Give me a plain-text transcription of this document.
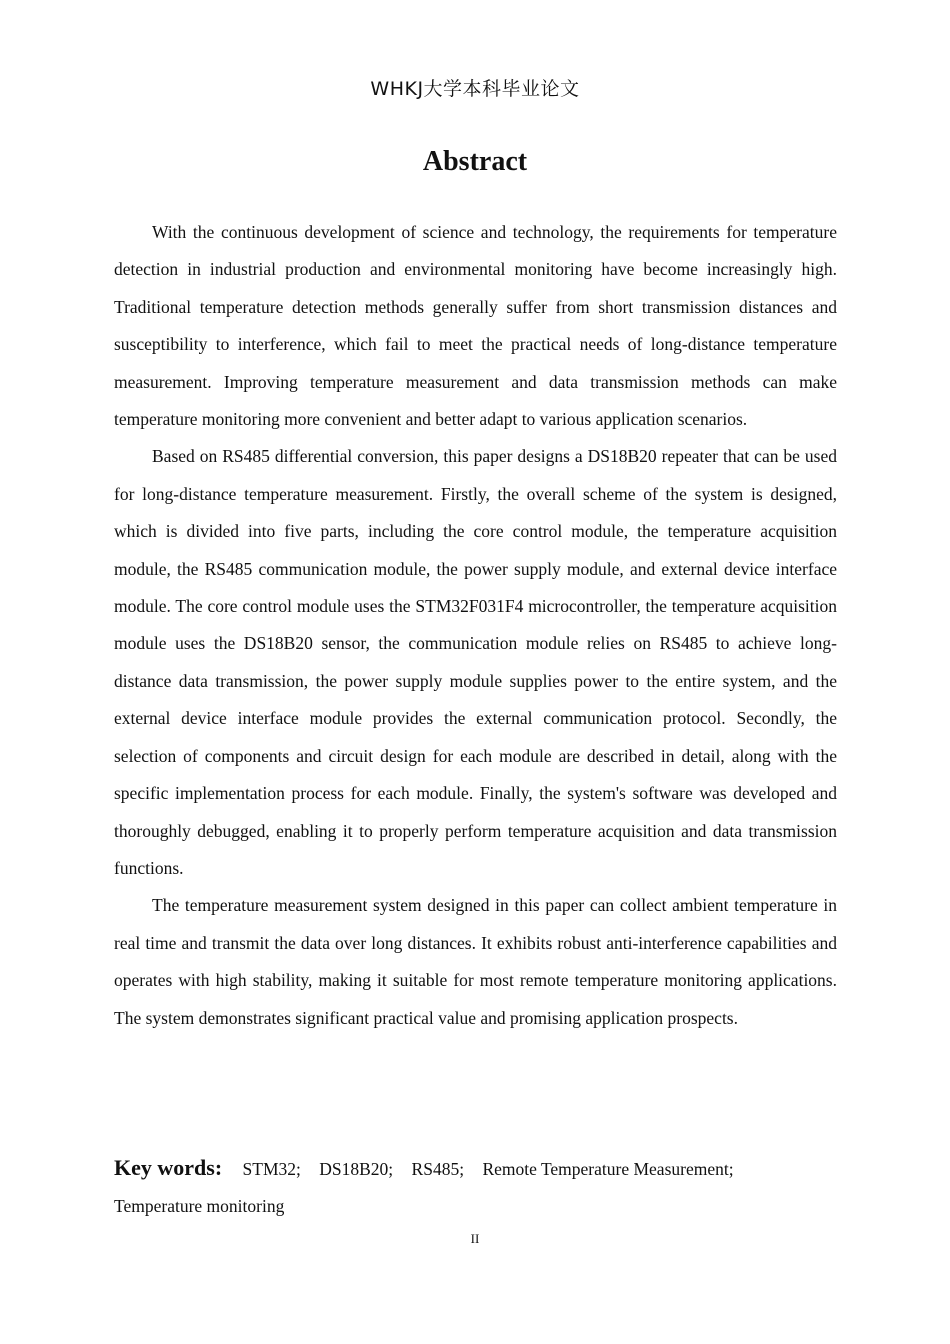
WHKJ大学本科毕业论文
Abstract

With the continuous development of science and technology, the requirements for temperature detection in industrial production and environmental monitoring have become increasingly high. Traditional temperature detection methods generally suffer from short transmission distances and susceptibility to interference, which fail to meet the practical needs of long-distance temperature measurement. Improving temperature measurement and data transmission methods can make temperature monitoring more convenient and better adapt to various application scenarios.

Based on RS485 differential conversion, this paper designs a DS18B20 repeater that can be used for long-distance temperature measurement. Firstly, the overall scheme of the system is designed, which is divided into five parts, including the core control module, the temperature acquisition module, the RS485 communication module, the power supply module, and external device interface module. The core control module uses the STM32F031F4 microcontroller, the temperature acquisition module uses the DS18B20 sensor, the communication module relies on RS485 to achieve long-distance data transmission, the power supply module supplies power to the entire system, and the external device interface module provides the external communication protocol. Secondly, the selection of components and circuit design for each module are described in detail, along with the specific implementation process for each module. Finally, the system's software was developed and thoroughly debugged, enabling it to properly perform temperature acquisition and data transmission functions.

The temperature measurement system designed in this paper can collect ambient temperature in real time and transmit the data over long distances. It exhibits robust anti-interference capabilities and operates with high stability, making it suitable for most remote temperature monitoring applications. The system demonstrates significant practical value and promising application prospects.

Key words: STM32; DS18B20; RS485; Remote Temperature Measurement;
Temperature monitoring
II
